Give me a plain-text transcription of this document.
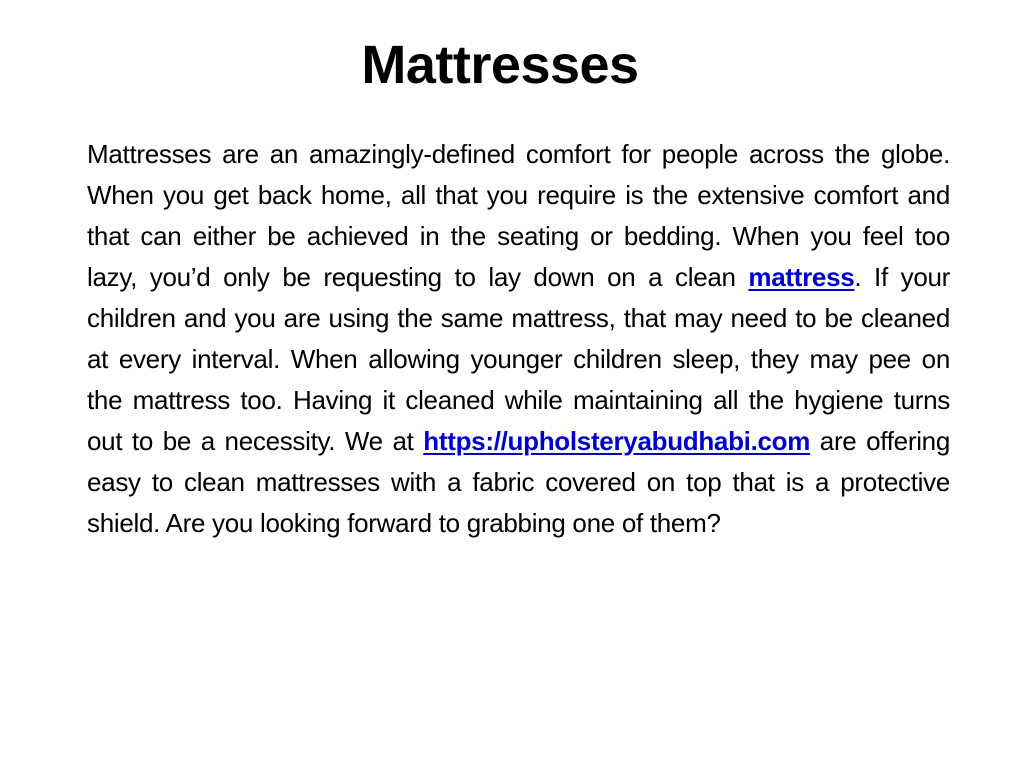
Mattresses

Mattresses are an amazingly-defined comfort for people across the globe. When you get back home, all that you require is the extensive comfort and that can either be achieved in the seating or bedding. When you feel too lazy, you’d only be requesting to lay down on a clean mattress. If your children and you are using the same mattress, that may need to be cleaned at every interval. When allowing younger children sleep, they may pee on the mattress too. Having it cleaned while maintaining all the hygiene turns out to be a necessity. We at https://upholsteryabudhabi.com are offering easy to clean mattresses with a fabric covered on top that is a protective shield. Are you looking forward to grabbing one of them?
